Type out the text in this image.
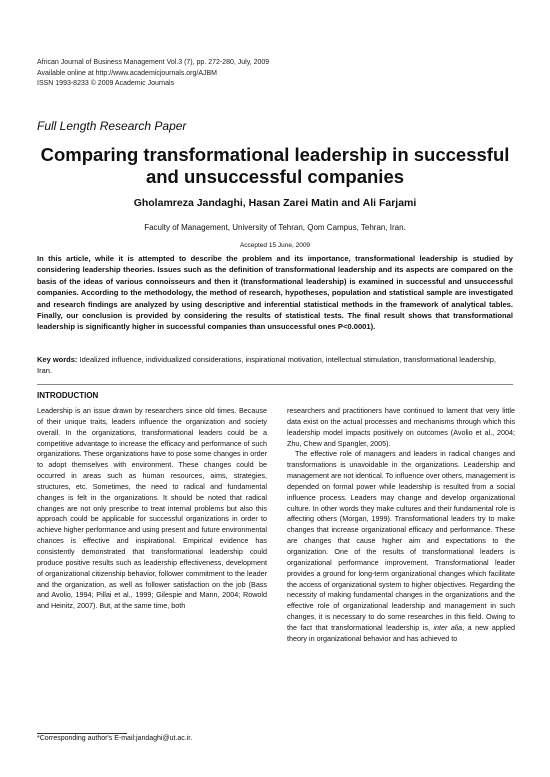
African Journal of Business Management Vol.3 (7), pp. 272-280, July, 2009
Available online at http://www.academicjournals.org/AJBM
ISSN 1993-8233 © 2009 Academic Journals
Full Length Research Paper
Comparing transformational leadership in successful
and unsuccessful companies
Gholamreza Jandaghi, Hasan Zarei Matin and Ali Farjami
Faculty of Management, University of Tehran, Qom Campus, Tehran, Iran.
Accepted 15 June, 2009
In this article, while it is attempted to describe the problem and its importance, transformational leadership is studied by considering leadership theories. Issues such as the definition of transformational leadership and its aspects are compared on the basis of the ideas of various connoisseurs and then it (transformational leadership) is examined in successful and unsuccessful companies. According to the methodology, the method of research, hypotheses, population and statistical sample are investigated and research findings are analyzed by using descriptive and inferential statistical methods in the framework of analytical tables. Finally, our conclusion is provided by considering the results of statistical tests. The final result shows that transformational leadership is significantly higher in successful companies than unsuccessful ones P<0.0001).
Key words: Idealized influence, individualized considerations, inspirational motivation, intellectual stimulation, transformational leadership, Iran.
INTRODUCTION

Leadership is an issue drawn by researchers since old times. Because of their unique traits, leaders influence the organization and society overall. In the organizations, transformational leaders could be a competitive advantage to increase the efficacy and performance of such organizations. These organizations have to pose some changes in order to adopt themselves with environment. These changes could be occurred in areas such as human resources, aims, strategies, structures, etc. Sometimes, the need to radical and fundamental changes is felt in the organizations. It should be noted that radical changes are not only prescribe to treat internal problems but also this approach could be applicable for successful organizations in order to achieve higher performance and using present and future environmental chances is effective and inspirational. Empirical evidence has consistently demonstrated that transformational leadership could produce positive results such as leadership effectiveness, development of organizational citizenship behavior, follower commitment to the leader and the organization, as well as follower satisfaction on the job (Bass and Avolio, 1994; Pillai et al., 1999; Gilespie and Mann, 2004; Rowold and Heinitz, 2007). But, at the same time, both

researchers and practitioners have continued to lament that very little data exist on the actual processes and mechanisms through which this leadership model impacts positively on outcomes (Avolio et al., 2004; Zhu, Chew and Spangler, 2005).

The effective role of managers and leaders in radical changes and transformations is unavoidable in the organizations. Leadership and management are not identical. To influence over others, management is depended on formal power while leadership is resulted from a social influence process. Leaders may change and develop organizational culture. In other words they make cultures and their fundamental role is affecting others (Morgan, 1999). Transformational leaders try to make changes that increase organizational efficacy and performance. These are changes that cause higher aim and expectations to the organization. One of the results of transformational leaders is organizational performance improvement. Transformational leader provides a ground for long-term organizational changes which facilitate the access of organizational system to higher objectives. Regarding the necessity of making fundamental changes in the organizations and the effective role of organizational leadership and management in such changes, it is necessary to do some researches in this field. Owing to the fact that transformational leadership is, inter alia, a new applied theory in organizational behavior and has achieved to

*Corresponding author's E-mail:jandaghi@ut.ac.ir.
